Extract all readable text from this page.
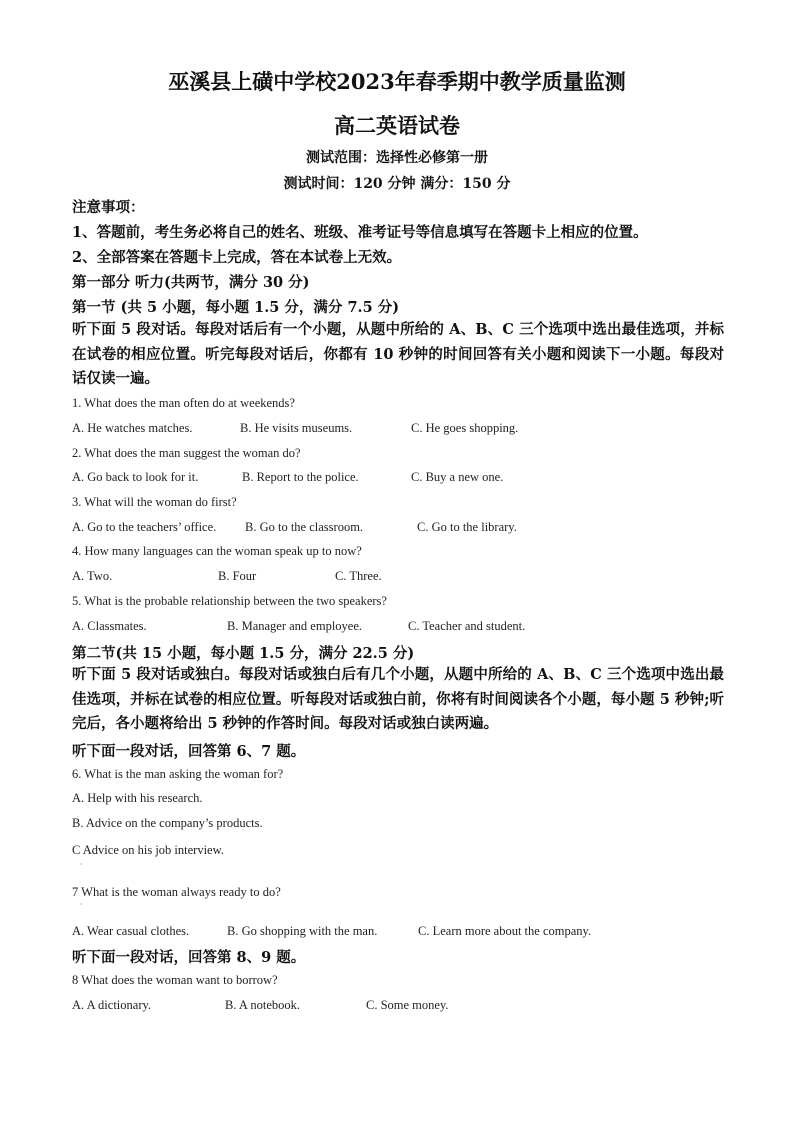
巫溪县上磺中学校2023年春季期中教学质量监测
高二英语试卷
测试范围：选择性必修第一册
测试时间：120 分钟 满分：150 分
注意事项：
1、答题前，考生务必将自己的姓名、班级、准考证号等信息填写在答题卡上相应的位置。
2、全部答案在答题卡上完成，答在本试卷上无效。
第一部分 听力(共两节，满分 30 分)
第一节 (共 5 小题，每小题 1.5 分，满分 7.5 分)
听下面 5 段对话。每段对话后有一个小题，从题中所给的 A、B、C 三个选项中选出最佳选项，并标在试卷的相应位置。听完每段对话后，你都有 10 秒钟的时间回答有关小题和阅读下一小题。每段对话仅读一遍。
1. What does the man often do at weekends?
A. He watches matches.	B. He visits museums.	C. He goes shopping.
2. What does the man suggest the woman do?
A. Go back to look for it.	B. Report to the police.	C. Buy a new one.
3. What will the woman do first?
A. Go to the teachers’ office. B. Go to the classroom.	C. Go to the library.
4. How many languages can the woman speak up to now?
A. Two.	B. Four	C. Three.
5. What is the probable relationship between the two speakers?
A. Classmates.	B. Manager and employee.	C. Teacher and student.
第二节(共 15 小题，每小题 1.5 分，满分 22.5 分)
听下面 5 段对话或独白。每段对话或独白后有几个小题，从题中所给的 A、B、C 三个选项中选出最佳选项，并标在试卷的相应位置。听每段对话或独白前，你将有时间阅读各个小题，每小题 5 秒钟;听完后，各小题将给出 5 秒钟的作答时间。每段对话或独白读两遍。
听下面一段对话，回答第 6、7 题。
6. What is the man asking the woman for?
A. Help with his research.
B. Advice on the company’s products.
C Advice on his job interview.
·
7 What is the woman always ready to do?
·
A. Wear casual clothes.	B. Go shopping with the man.	C. Learn more about the company.
听下面一段对话，回答第 8、9 题。
8 What does the woman want to borrow?
A. A dictionary.	B. A notebook.	C. Some money.
